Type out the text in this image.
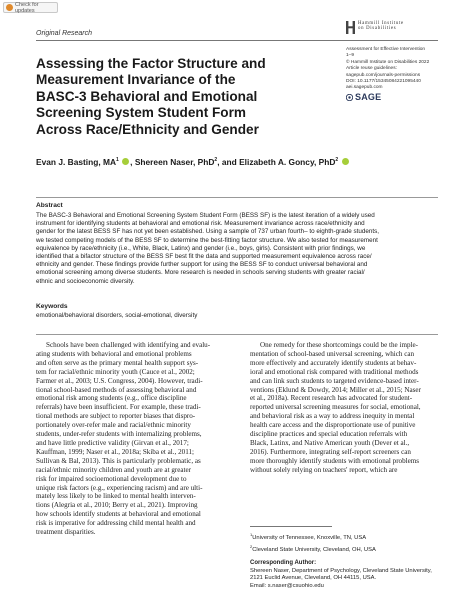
Check for updates
Original Research
Hammill Institute
on Disabilities
Assessment for Effective Intervention
1–9
© Hammill Institute on Disabilities 2022
Article reuse guidelines:
sagepub.com/journals-permissions
DOI: 10.1177/15345084221095440
aei.sagepub.com
SAGE
Assessing the Factor Structure and
Measurement Invariance of the
BASC-3 Behavioral and Emotional
Screening System Student Form
Across Race/Ethnicity and Gender
Evan J. Basting, $MA^1$ , Shereen Naser, PhD$^2$, and Elizabeth A. Goncy, PhD$^2$
Abstract
The BASC-3 Behavioral and Emotional Screening System Student Form (BESS SF) is the latest iteration of a widely used
instrument for identifying students at behavioral and emotional risk. Measurement invariance across race/ethnicity and
gender for the latest BESS SF has not yet been established. Using a sample of 737 urban fourth– to eighth-grade students,
we tested competing models of the BESS SF to determine the best-fitting factor structure. We also tested for measurement
equivalence by race/ethnicity (i.e., White, Black, Latinx) and gender (i.e., boys, girls). Consistent with prior findings, we
identified that a bifactor structure of the BESS SF best fit the data and supported measurement equivalence across race/
ethnicity and gender. These findings provide further support for using the BESS SF to conduct universal behavioral and
emotional screening among diverse students. More research is needed in schools serving students with greater racial/
ethnic and socioeconomic diversity.
Keywords
emotional/behavioral disorders, social-emotional, diversity
Schools have been challenged with identifying and evalu-
ating students with behavioral and emotional problems
and often serve as the primary mental health support sys-
tem for racial/ethnic minority youth (Cauce et al., 2002;
Farmer et al., 2003; U.S. Congress, 2004). However, tradi-
tional school-based methods of assessing behavioral and
emotional risk among students (e.g., office discipline
referrals) have been insufficient. For example, these tradi-
tional methods are subject to reporter biases that dispro-
portionately over-refer male and racial/ethnic minority
students, under-refer students with internalizing problems,
and have little predictive validity (Girvan et al., 2017;
Kauffman, 1999; Naser et al., 2018a; Skiba et al., 2011;
Sullivan & Bal, 2013). This is particularly problematic, as
racial/ethnic minority children and youth are at greater
risk for impaired socioemotional development due to
unique risk factors (e.g., experiencing racism) and are ulti-
mately less likely to be linked to mental health interven-
tions (Alegria et al., 2010; Berry et al., 2021). Improving
how schools identify students at behavioral and emotional
risk is imperative for addressing child mental health and
treatment disparities.
One remedy for these shortcomings could be the imple-
mentation of school-based universal screening, which can
more effectively and accurately identify students at behav-
ioral and emotional risk compared with traditional methods
and can link such students to targeted evidence-based inter-
ventions (Eklund & Dowdy, 2014; Miller et al., 2015; Naser
et al., 2018a). Recent research has advocated for student-
reported universal screening measures for social, emotional,
and behavioral risk as a way to address inequity in mental
health care access and the disproportionate use of punitive
discipline practices and special education referrals with
Black, Latinx, and Native American youth (Dever et al.,
2016). Furthermore, integrating self-report screeners can
more thoroughly identify students with emotional problems
without solely relying on teachers' report, which are
$^1$University of Tennessee, Knoxville, TN, USA
$^2$Cleveland State University, Cleveland, OH, USA
Corresponding Author:
Shereen Naser, Department of Psychology, Cleveland State University,
2121 Euclid Avenue, Cleveland, OH 44115, USA.
Email: s.naser@csuohio.edu
